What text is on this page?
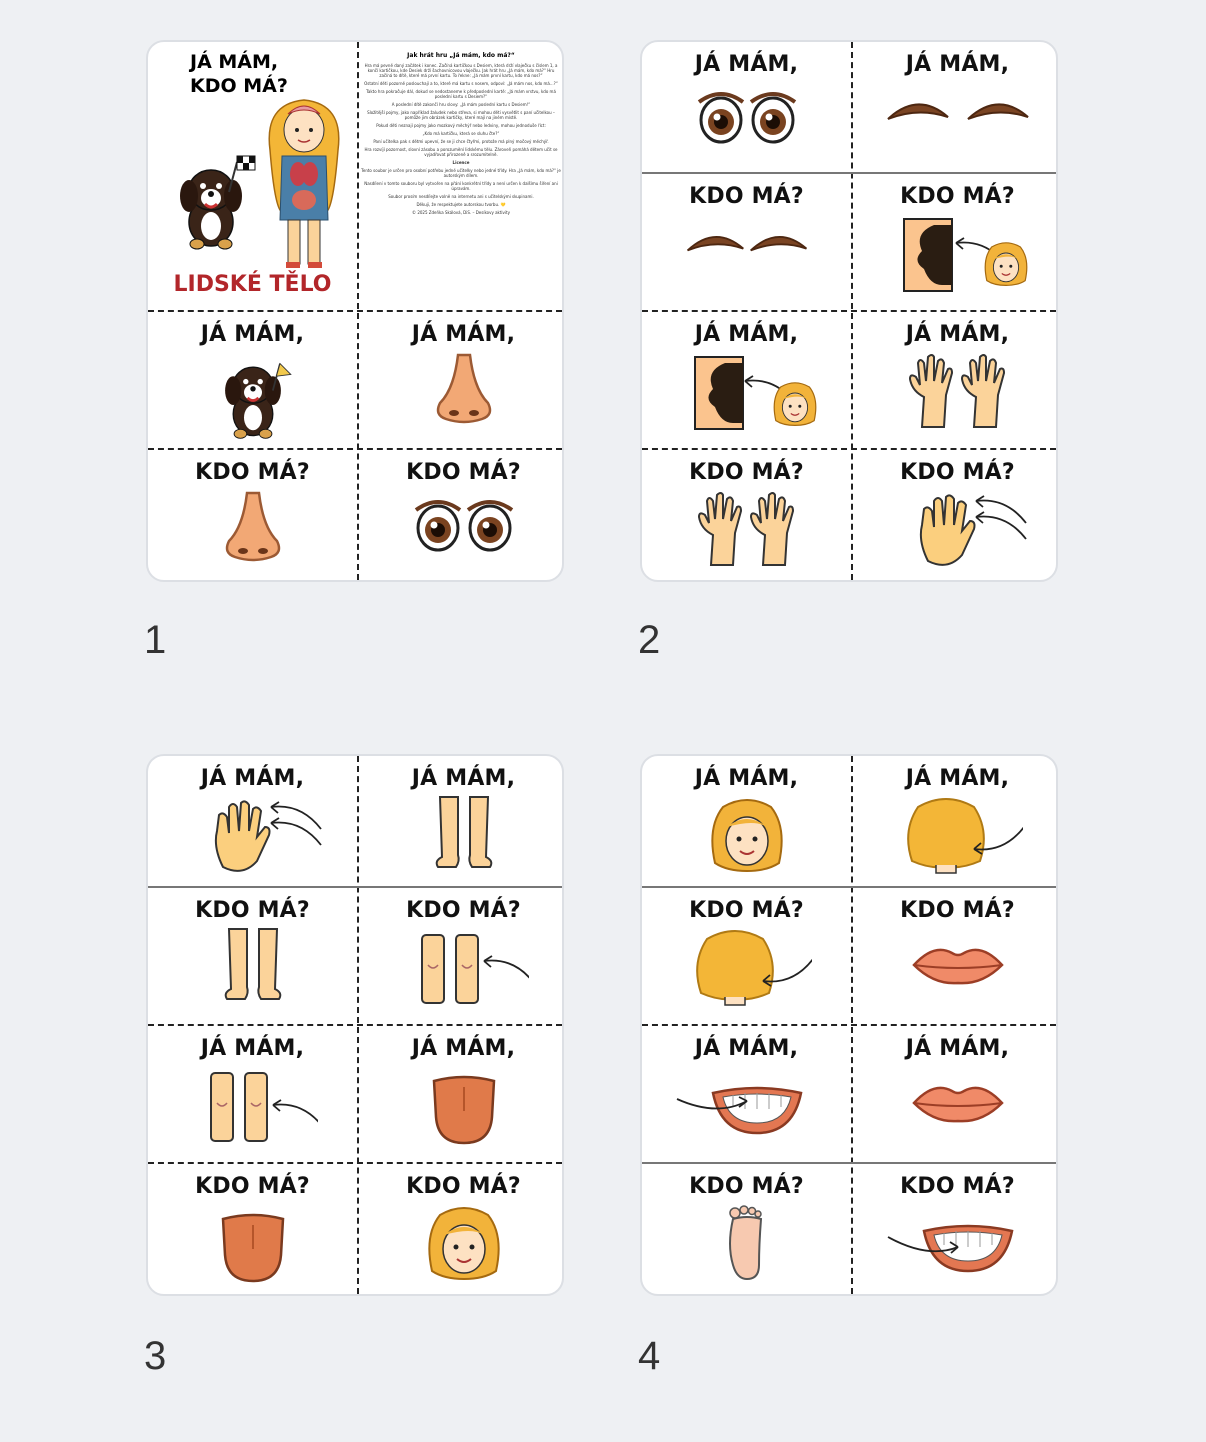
JÁ MÁM, KDO MÁ?
LIDSKÉ TĚLO
Jak hrát hru „Já mám, kdo má?“

Hra má pevně daný začátek i konec. Začíná kartičkou s Desiem, která drží vlaječku s číslem 1, a končí kartičkou, kde Desiek drží šachovnicovou vlaječku. Jak hrát hru „Já mám, kdo má?“ Hru začíná to dítě, které má první kartu. To řekne: „Já mám první kartu, kdo má nos?“

Ostatní děti pozorně poslouchají a to, které má kartu s nosem, odpoví: „Já mám nos, kdo má...?“

Takto hra pokračuje dál, dokud se nedostaneme k předposlední kartě: „Já mám vrstvu, kdo má poslední kartu s Desiem?“

A poslední dítě zakončí hru slovy: „Já mám poslední kartu s Desiem!“

Složitější pojmy, jako například žaludek nebo střeva, si mohou děti vysvětlit s paní učitelkou – pomůže jim obrázek kartičky, které mají na jiném místě.

Pokud děti neznají pojmy jako mozkový měchýř nebo ledviny, mohou jednoduše říct:

„Kdo má kartičku, která se sluhu čte?“

Paní učitelka pak s dětmi upevní, že se ji chce čtyřmi, protože má plný močový měchýř.

Hra rozvíjí pozornost, slovní zásobu a porozumění lidskému tělu. Zároveň pomáhá dětem učit se vyjadřovat přirozeně a srozumitelně.

Licence

Tento soubor je určen pro osobní potřebu jedné učitelky nebo jedné třídy. Hra „Já mám, kdo má?“ je autorským dílem.

Nasdílení v tomto souboru byl vytvořen na přání konkrétní třídy a není určen k dalšímu šíření ani úpravám.

Soubor prosím nesdílejte volně na internetu ani s učitelskými skupinami.

Děkuji, že respektujete autorskou tvorbu. 💛

© 2025 Zdeňka Skálová, DiS. – Desíkovy aktivity

JÁ MÁM,	JÁ MÁM,
KDO MÁ?	KDO MÁ?
1
JÁ MÁM,	JÁ MÁM,
KDO MÁ?	KDO MÁ?
JÁ MÁM,	JÁ MÁM,
KDO MÁ?	KDO MÁ?
2
JÁ MÁM,	JÁ MÁM,
KDO MÁ?	KDO MÁ?
JÁ MÁM,	JÁ MÁM,
KDO MÁ?	KDO MÁ?
3
JÁ MÁM,	JÁ MÁM,
KDO MÁ?	KDO MÁ?
JÁ MÁM,	JÁ MÁM,
KDO MÁ?	KDO MÁ?
4
